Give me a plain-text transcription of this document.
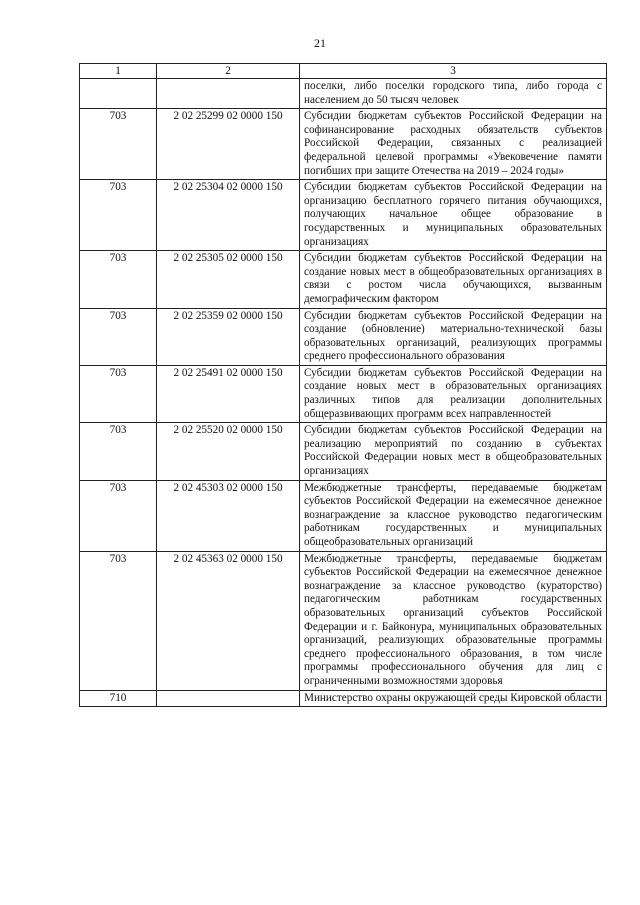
21
1	2	3
		поселки, либо поселки городского типа, либо города с населением до 50 тысяч человек
703	2 02 25299 02 0000 150	Субсидии бюджетам субъектов Российской Федерации на софинансирование расходных обязательств субъектов Российской Федерации, связанных с реализацией федеральной целевой программы «Увековечение памяти погибших при защите Отечества на 2019 – 2024 годы»
703	2 02 25304 02 0000 150	Субсидии бюджетам субъектов Российской Федерации на организацию бесплатного горячего питания обучающихся, получающих начальное общее образование в государственных и муниципальных образовательных организациях
703	2 02 25305 02 0000 150	Субсидии бюджетам субъектов Российской Федерации на создание новых мест в общеобразовательных организациях в связи с ростом числа обучающихся, вызванным демографическим фактором
703	2 02 25359 02 0000 150	Субсидии бюджетам субъектов Российской Федерации на создание (обновление) материально-технической базы образовательных организаций, реализующих программы среднего профессионального образования
703	2 02 25491 02 0000 150	Субсидии бюджетам субъектов Российской Федерации на создание новых мест в образовательных организациях различных типов для реализации дополнительных общеразвивающих программ всех направленностей
703	2 02 25520 02 0000 150	Субсидии бюджетам субъектов Российской Федерации на реализацию мероприятий по созданию в субъектах Российской Федерации новых мест в общеобразовательных организациях
703	2 02 45303 02 0000 150	Межбюджетные трансферты, передаваемые бюджетам субъектов Российской Федерации на ежемесячное денежное вознаграждение за классное руководство педагогическим работникам государственных и муниципальных общеобразовательных организаций
703	2 02 45363 02 0000 150	Межбюджетные трансферты, передаваемые бюджетам субъектов Российской Федерации на ежемесячное денежное вознаграждение за классное руководство (кураторство) педагогическим работникам государственных образовательных организаций субъектов Российской Федерации и г. Байконура, муниципальных образовательных организаций, реализующих образовательные программы среднего профессионального образования, в том числе программы профессионального обучения для лиц с ограниченными возможностями здоровья
710		Министерство охраны окружающей среды Кировской области
